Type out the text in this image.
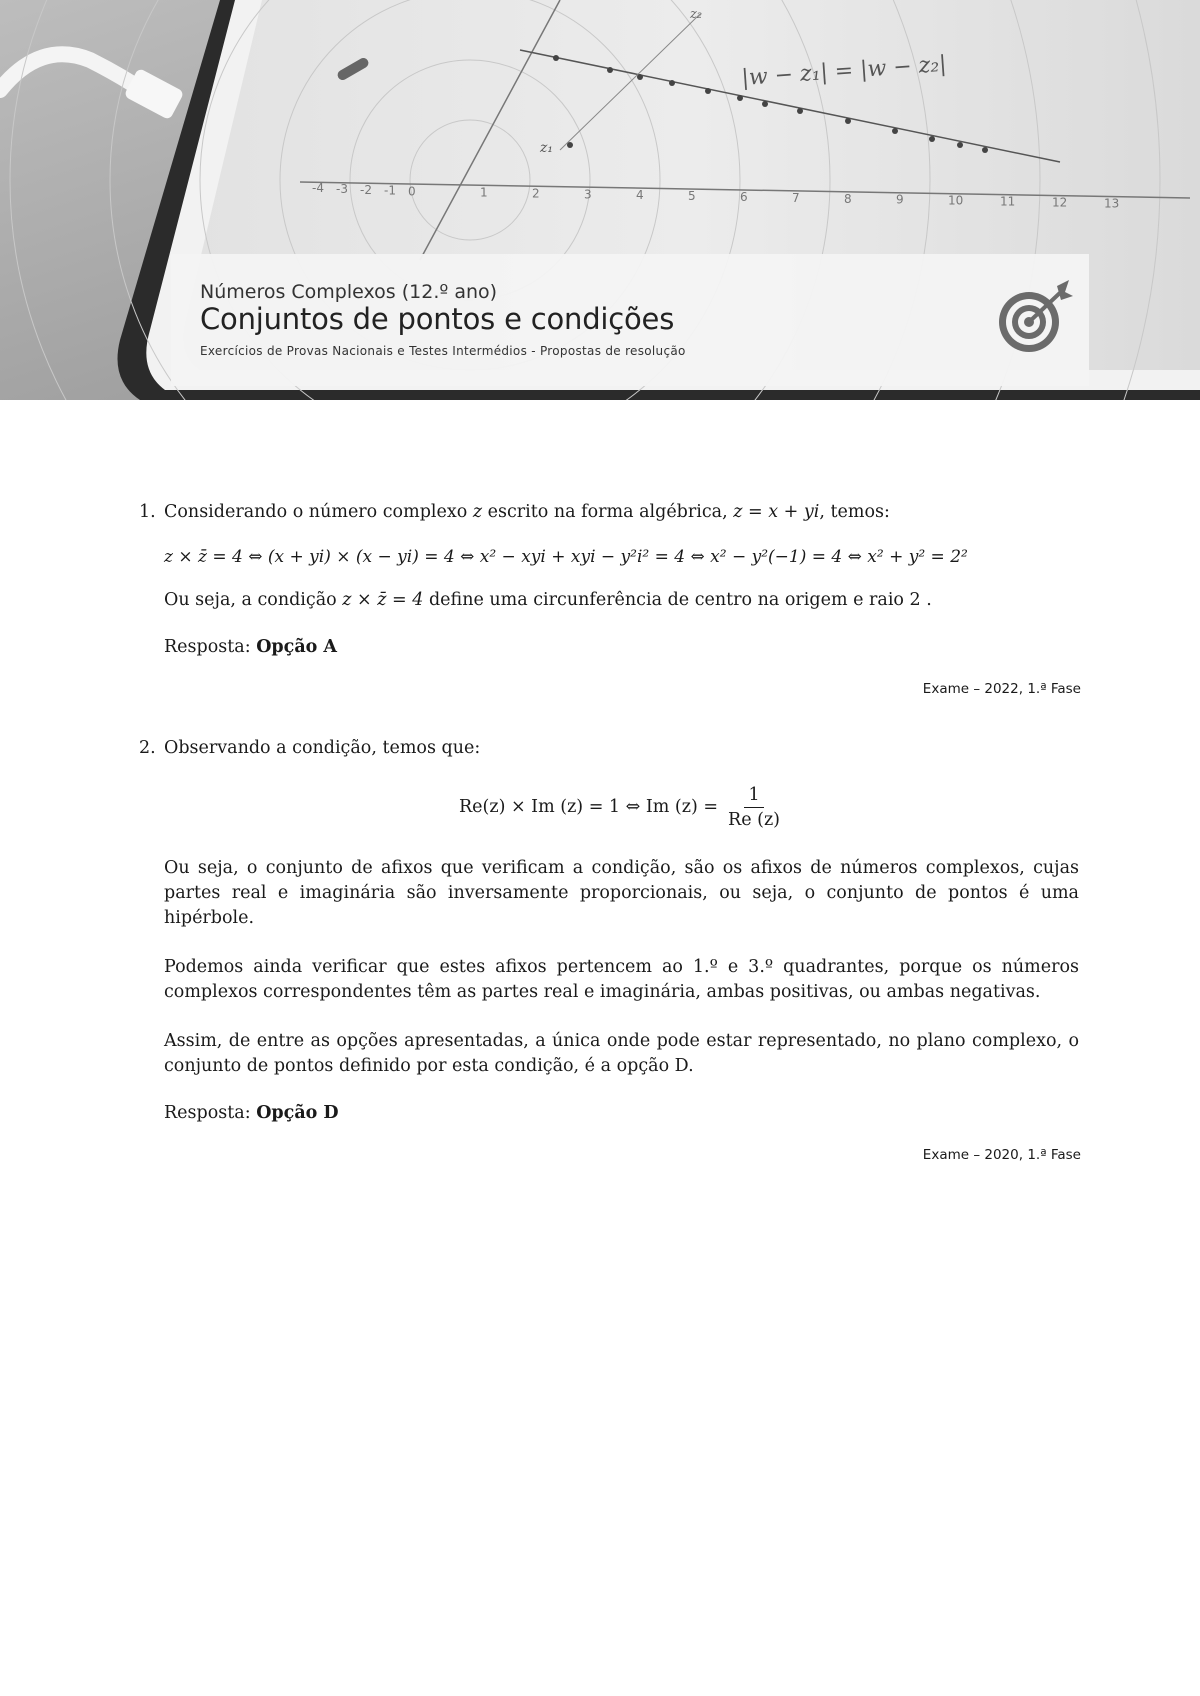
|w − z₁| = |w − z₂|
z₁
z₂
-4 -3 -2 -1 0	1	2	3	4	5	6	7	8	9	10	11	12	13
Números Complexos (12.º ano)
Conjuntos de pontos e condições
Exercícios de Provas Nacionais e Testes Intermédios - Propostas de resolução
1. Considerando o número complexo z escrito na forma algébrica, z = x + yi, temos:

z × z̄ = 4 ⇔ (x + yi) × (x − yi) = 4 ⇔ x² − xyi + xyi − y²i² = 4 ⇔ x² − y²(−1) = 4 ⇔ x² + y² = 2²

Ou seja, a condição z × z̄ = 4 define uma circunferência de centro na origem e raio 2 .

Resposta: Opção A

Exame – 2022, 1.ª Fase
2. Observando a condição, temos que:

Re(z) × Im (z) = 1 ⇔ Im $(z) = \frac{1}{Re (z)}$

Ou seja, o conjunto de afixos que verificam a condição, são os afixos de números complexos, cujas partes real e imaginária são inversamente proporcionais, ou seja, o conjunto de pontos é uma hipérbole.

Podemos ainda verificar que estes afixos pertencem ao 1.º e 3.º quadrantes, porque os números complexos correspondentes têm as partes real e imaginária, ambas positivas, ou ambas negativas.

Assim, de entre as opções apresentadas, a única onde pode estar representado, no plano complexo, o conjunto de pontos definido por esta condição, é a opção D.

Resposta: Opção D

Exame – 2020, 1.ª Fase
